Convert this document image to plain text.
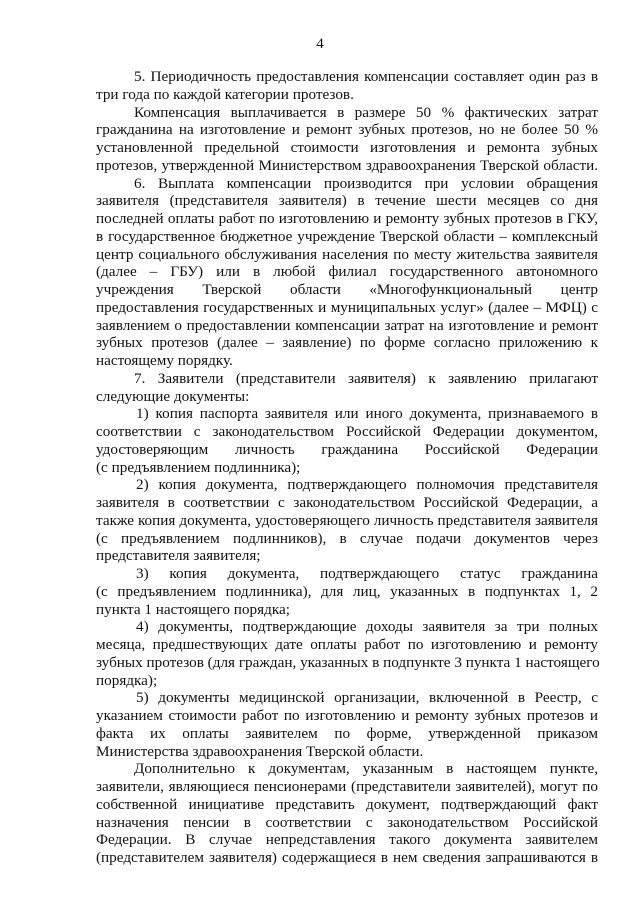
4
5. Периодичность предоставления компенсации составляет один раз в
три года по каждой категории протезов.
Компенсация выплачивается в размере 50 % фактических затрат
гражданина на изготовление и ремонт зубных протезов, но не более 50 %
установленной предельной стоимости изготовления и ремонта зубных
протезов, утвержденной Министерством здравоохранения Тверской области.
6. Выплата компенсации производится при условии обращения
заявителя (представителя заявителя) в течение шести месяцев со дня
последней оплаты работ по изготовлению и ремонту зубных протезов в ГКУ,
в государственное бюджетное учреждение Тверской области – комплексный
центр социального обслуживания населения по месту жительства заявителя
(далее – ГБУ) или в любой филиал государственного автономного
учреждения Тверской области «Многофункциональный центр
предоставления государственных и муниципальных услуг» (далее – МФЦ) с
заявлением о предоставлении компенсации затрат на изготовление и ремонт
зубных протезов (далее – заявление) по форме согласно приложению к
настоящему порядку.
7. Заявители (представители заявителя) к заявлению прилагают
следующие документы:
1) копия паспорта заявителя или иного документа, признаваемого в
соответствии с законодательством Российской Федерации документом,
удостоверяющим личность гражданина Российской Федерации
(с предъявлением подлинника);
2) копия документа, подтверждающего полномочия представителя
заявителя в соответствии с законодательством Российской Федерации, а
также копия документа, удостоверяющего личность представителя заявителя
(с предъявлением подлинников), в случае подачи документов через
представителя заявителя;
3) копия документа, подтверждающего статус гражданина
(с предъявлением подлинника), для лиц, указанных в подпунктах 1, 2
пункта 1 настоящего порядка;
4) документы, подтверждающие доходы заявителя за три полных
месяца, предшествующих дате оплаты работ по изготовлению и ремонту
зубных протезов (для граждан, указанных в подпункте 3 пункта 1 настоящего
порядка);
5) документы медицинской организации, включенной в Реестр, с
указанием стоимости работ по изготовлению и ремонту зубных протезов и
факта их оплаты заявителем по форме, утвержденной приказом
Министерства здравоохранения Тверской области.
Дополнительно к документам, указанным в настоящем пункте,
заявители, являющиеся пенсионерами (представители заявителей), могут по
собственной инициативе представить документ, подтверждающий факт
назначения пенсии в соответствии с законодательством Российской
Федерации. В случае непредставления такого документа заявителем
(представителем заявителя) содержащиеся в нем сведения запрашиваются в
